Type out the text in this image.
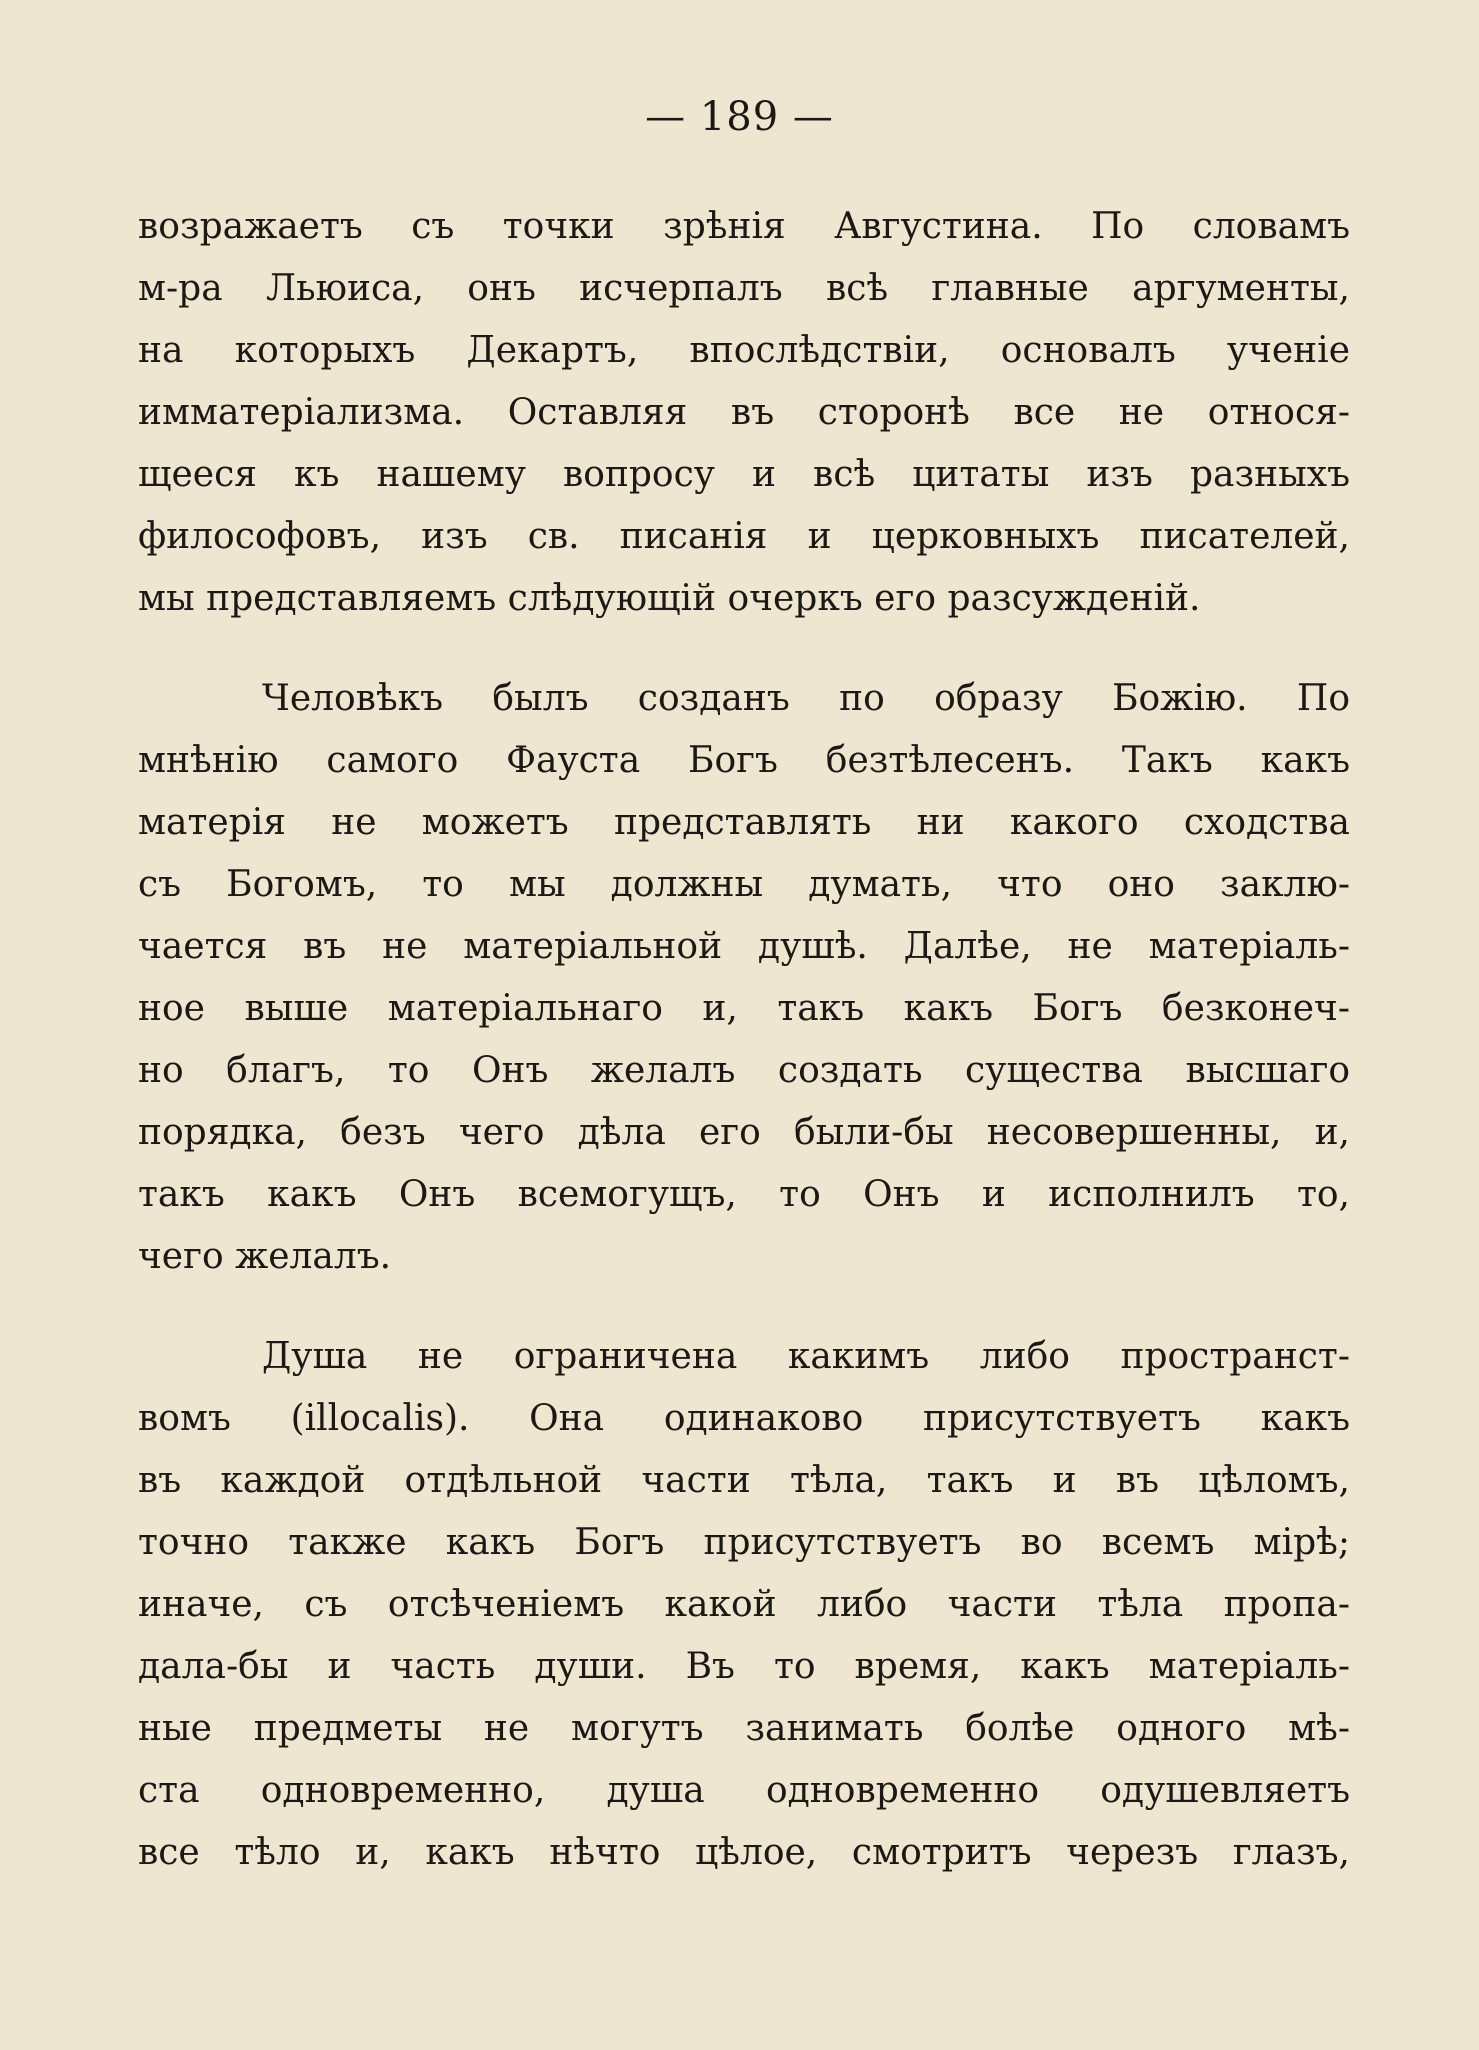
— 189 —
возражаетъ съ точки зрѣнія Августина. По словамъ
м-ра Льюиса, онъ исчерпалъ всѣ главные аргументы,
на которыхъ Декартъ, впослѣдствіи, основалъ ученіе
имматеріализма. Оставляя въ сторонѣ все не относя-
щееся къ нашему вопросу и всѣ цитаты изъ разныхъ
философовъ, изъ св. писанія и церковныхъ писателей,
мы представляемъ слѣдующій очеркъ его разсужденій.
Человѣкъ былъ созданъ по образу Божію. По
мнѣнію самого Фауста Богъ безтѣлесенъ. Такъ какъ
матерія не можетъ представлять ни какого сходства
съ Богомъ, то мы должны думать, что оно заклю-
чается въ не матеріальной душѣ. Далѣе, не матеріаль-
ное выше матеріальнаго и, такъ какъ Богъ безконеч-
но благъ, то Онъ желалъ создать существа высшаго
порядка, безъ чего дѣла его были-бы несовершенны, и,
такъ какъ Онъ всемогущъ, то Онъ и исполнилъ то,
чего желалъ.
Душа не ограничена какимъ либо пространст-
вомъ (illocalis). Она одинаково присутствуетъ какъ
въ каждой отдѣльной части тѣла, такъ и въ цѣломъ,
точно также какъ Богъ присутствуетъ во всемъ мірѣ;
иначе, съ отсѣченіемъ какой либо части тѣла пропа-
дала-бы и часть души. Въ то время, какъ матеріаль-
ные предметы не могутъ занимать болѣе одного мѣ-
ста одновременно, душа одновременно одушевляетъ
все тѣло и, какъ нѣчто цѣлое, смотритъ черезъ глазъ,
